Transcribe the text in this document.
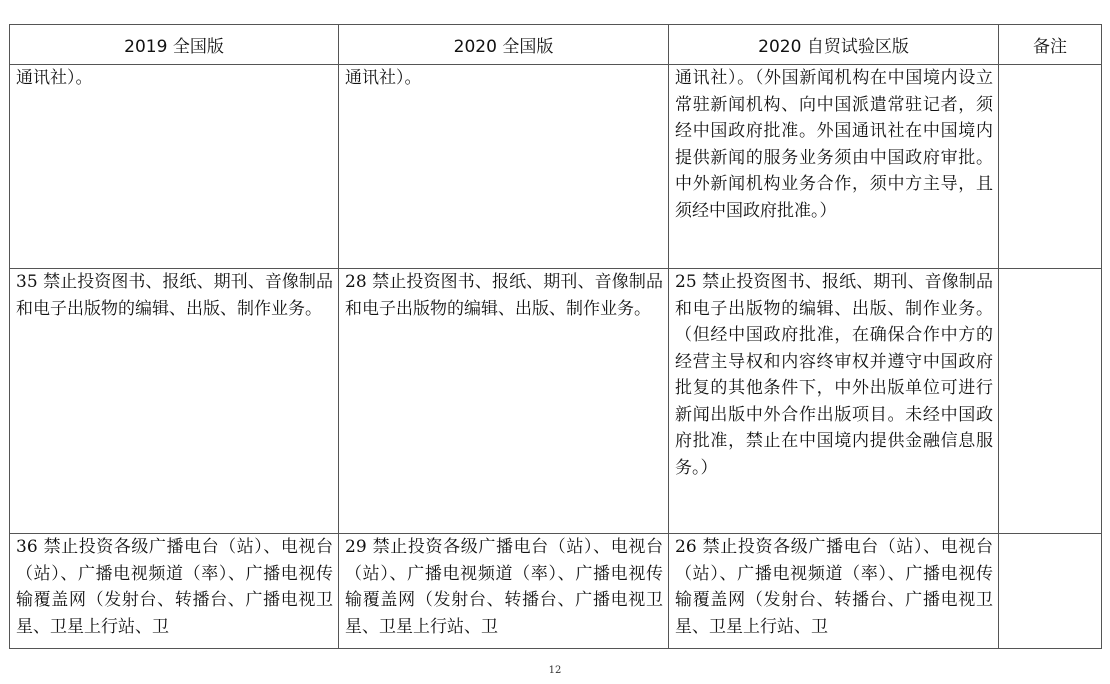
2019 全国版	2020 全国版	2020 自贸试验区版	备注
通讯社）。	通讯社）。	通讯社）。（外国新闻机构在中国境内设立常驻新闻机构、向中国派遣常驻记者，须经中国政府批准。外国通讯社在中国境内提供新闻的服务业务须由中国政府审批。中外新闻机构业务合作，须中方主导，且须经中国政府批准。）	
35 禁止投资图书、报纸、期刊、音像制品和电子出版物的编辑、出版、制作业务。	28 禁止投资图书、报纸、期刊、音像制品和电子出版物的编辑、出版、制作业务。	25 禁止投资图书、报纸、期刊、音像制品和电子出版物的编辑、出版、制作业务。（但经中国政府批准，在确保合作中方的经营主导权和内容终审权并遵守中国政府批复的其他条件下，中外出版单位可进行新闻出版中外合作出版项目。未经中国政府批准，禁止在中国境内提供金融信息服务。）	

36 禁止投资各级广播电台（站）、电视台（站）、广播电视频道（率）、广播电视传输覆盖网（发射台、转播台、广播电视卫星、卫星上行站、卫	29 禁止投资各级广播电台（站）、电视台（站）、广播电视频道（率）、广播电视传输覆盖网（发射台、转播台、广播电视卫星、卫星上行站、卫	26 禁止投资各级广播电台（站）、电视台（站）、广播电视频道（率）、广播电视传输覆盖网（发射台、转播台、广播电视卫星、卫星上行站、卫	

12
